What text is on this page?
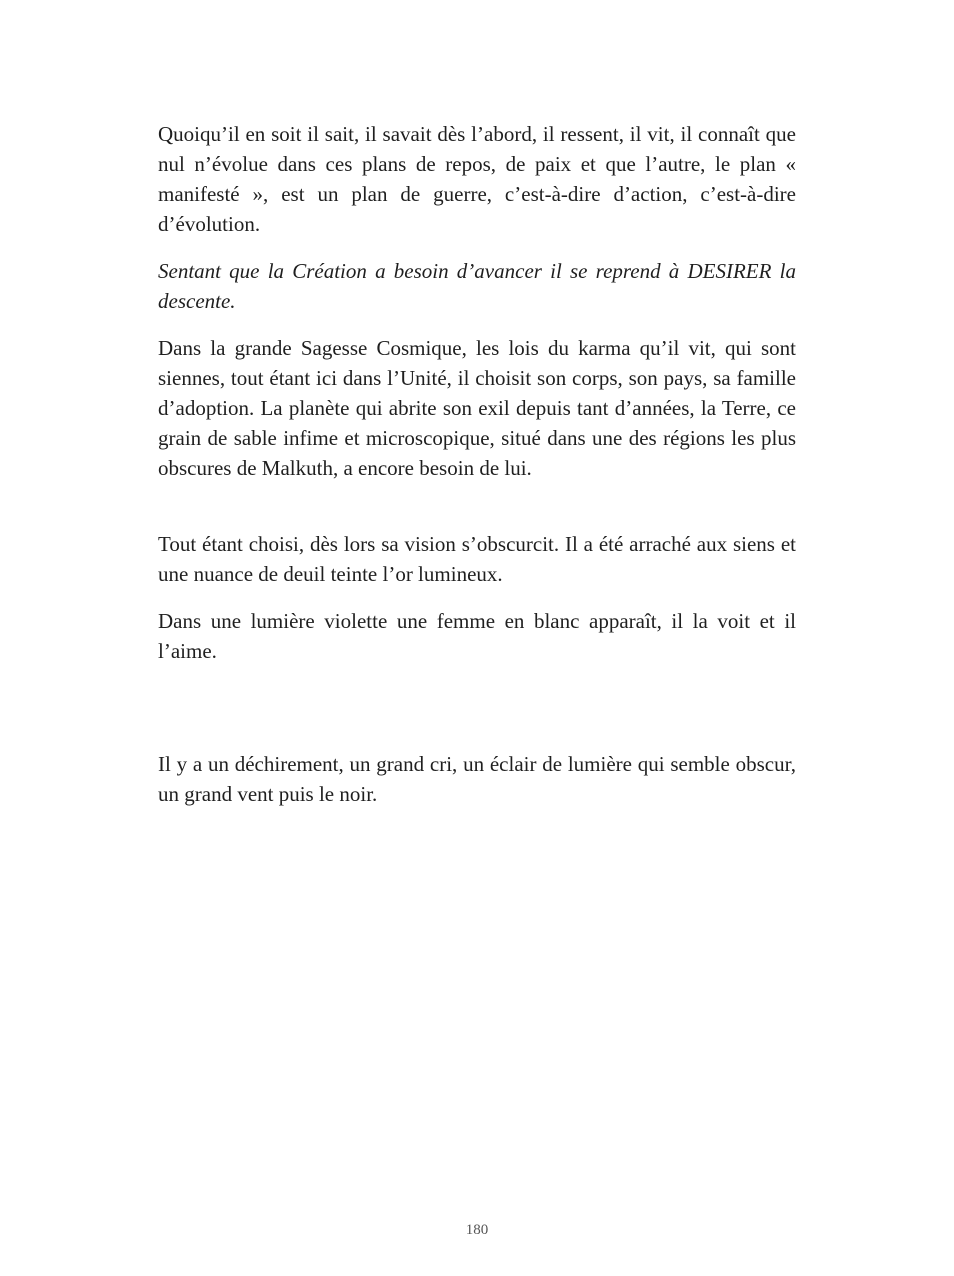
Quoiqu’il en soit il sait, il savait dès l’abord, il ressent, il vit, il connaît que nul n’évolue dans ces plans de repos, de paix et que l’autre, le plan « manifesté », est un plan de guerre, c’est-à-dire d’action, c’est-à-dire d’évolution.

Sentant que la Création a besoin d’avancer il se reprend à DESIRER la descente.

Dans la grande Sagesse Cosmique, les lois du karma qu’il vit, qui sont siennes, tout étant ici dans l’Unité, il choisit son corps, son pays, sa famille d’adoption. La planète qui abrite son exil depuis tant d’années, la Terre, ce grain de sable infime et microscopique, situé dans une des régions les plus obscures de Malkuth, a encore besoin de lui.

Tout étant choisi, dès lors sa vision s’obscurcit. Il a été arraché aux siens et une nuance de deuil teinte l’or lumineux.

Dans une lumière violette une femme en blanc apparaît, il la voit et il l’aime.

Il y a un déchirement, un grand cri, un éclair de lumière qui semble obscur, un grand vent puis le noir.

180
